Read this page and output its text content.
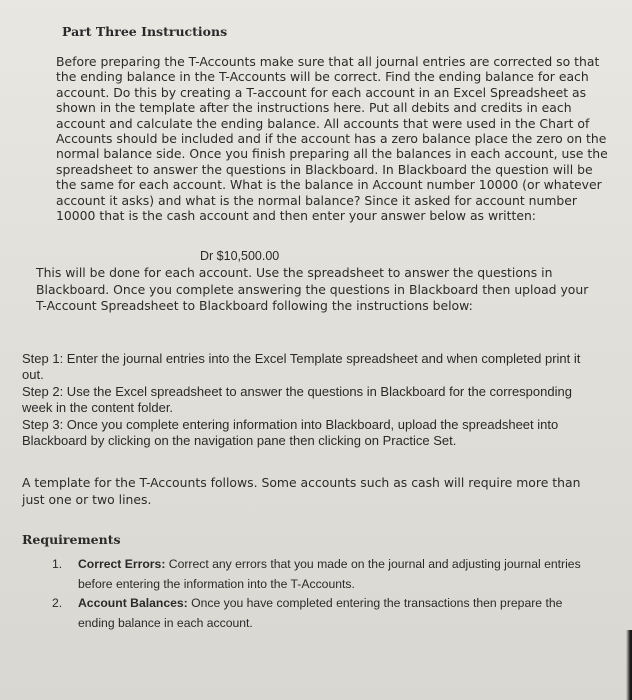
Part Three Instructions

Before preparing the T-Accounts make sure that all journal entries are corrected so that the ending balance in the T-Accounts will be correct. Find the ending balance for each account. Do this by creating a T-account for each account in an Excel Spreadsheet as shown in the template after the instructions here. Put all debits and credits in each account and calculate the ending balance. All accounts that were used in the Chart of Accounts should be included and if the account has a zero balance place the zero on the normal balance side. Once you finish preparing all the balances in each account, use the spreadsheet to answer the questions in Blackboard. In Blackboard the question will be the same for each account. What is the balance in Account number 10000 (or whatever account it asks) and what is the normal balance? Since it asked for account number 10000 that is the cash account and then enter your answer below as written:

Dr $10,500.00

This will be done for each account. Use the spreadsheet to answer the questions in Blackboard. Once you complete answering the questions in Blackboard then upload your T-Account Spreadsheet to Blackboard following the instructions below:

Step 1: Enter the journal entries into the Excel Template spreadsheet and when completed print it out.

Step 2: Use the Excel spreadsheet to answer the questions in Blackboard for the corresponding week in the content folder.

Step 3: Once you complete entering information into Blackboard, upload the spreadsheet into Blackboard by clicking on the navigation pane then clicking on Practice Set.

A template for the T-Accounts follows. Some accounts such as cash will require more than just one or two lines.

Requirements
1.	Correct Errors: Correct any errors that you made on the journal and adjusting journal entries before entering the information into the T-Accounts.
2.	Account Balances: Once you have completed entering the transactions then prepare the ending balance in each account.
